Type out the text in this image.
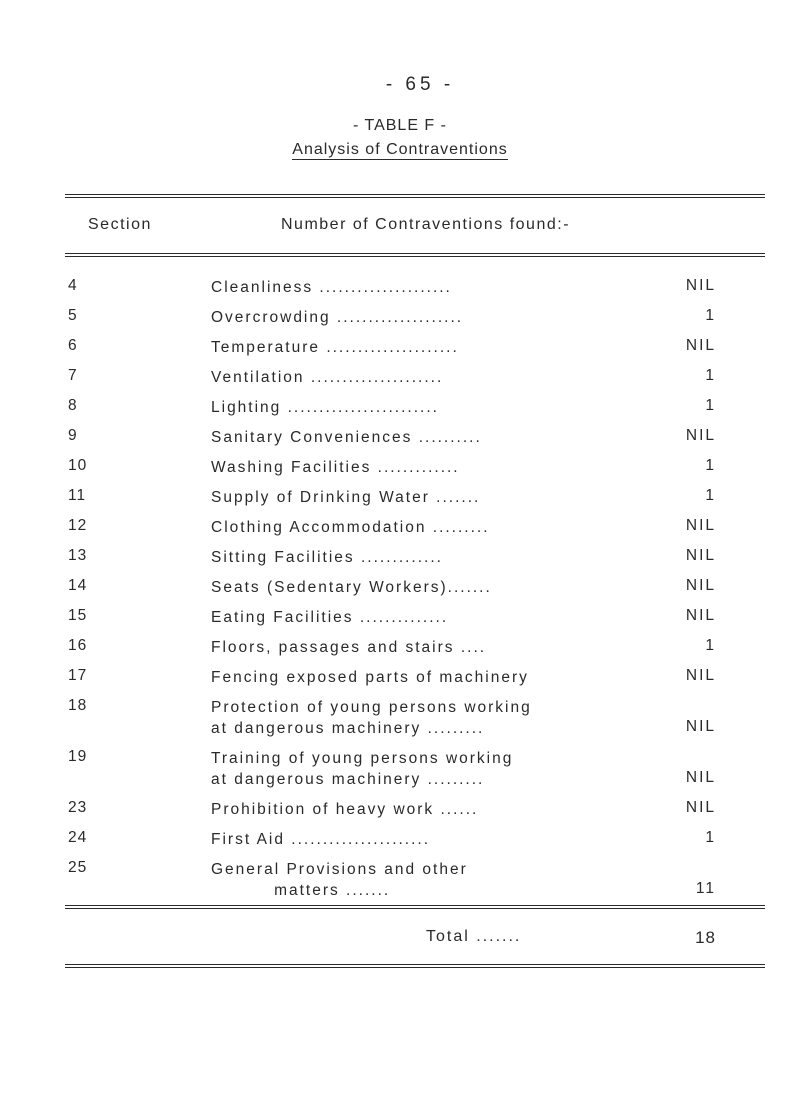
- 65 -
- TABLE F -
Analysis of Contraventions
Section	Number of Contraventions found:-
4	Cleanliness .....................	NIL
5	Overcrowding ....................	1
6	Temperature .....................	NIL
7	Ventilation .....................	1
8	Lighting ........................	1
9	Sanitary Conveniences ..........	NIL
10	Washing Facilities .............	1
11	Supply of Drinking Water .......	1
12	Clothing Accommodation .........	NIL
13	Sitting Facilities .............	NIL
14	Seats (Sedentary Workers).......	NIL
15	Eating Facilities ..............	NIL
16	Floors, passages and stairs ....	1
17	Fencing exposed parts of machinery	NIL
18	Protection of young persons working
at dangerous machinery .........	NIL
19	Training of young persons working
at dangerous machinery .........	NIL
23	Prohibition of heavy work ......	NIL
24	First Aid ......................	1
25	General Provisions and other
matters .......	11
Total .......	18
